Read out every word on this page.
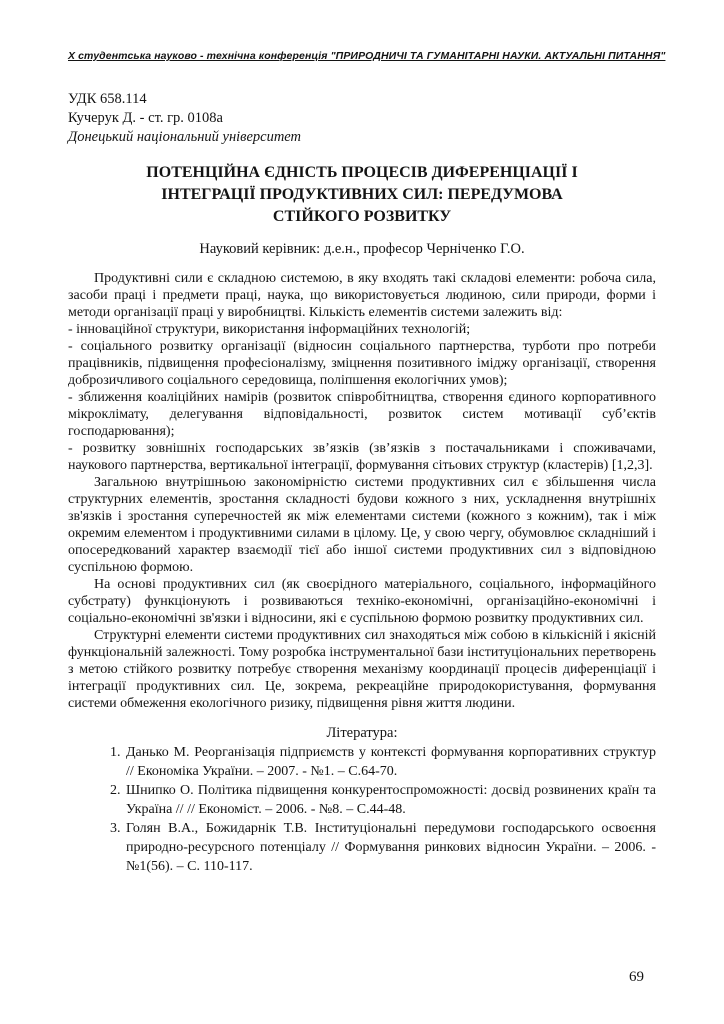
Х студентська науково - технічна конференція "ПРИРОДНИЧІ ТА ГУМАНІТАРНІ НАУКИ. АКТУАЛЬНІ ПИТАННЯ"
УДК 658.114
Кучерук Д. - ст. гр. 0108а
Донецький національний університет
ПОТЕНЦІЙНА ЄДНІСТЬ ПРОЦЕСІВ ДИФЕРЕНЦІАЦІЇ І ІНТЕГРАЦІЇ ПРОДУКТИВНИХ СИЛ: ПЕРЕДУМОВА СТІЙКОГО РОЗВИТКУ
Науковий керівник: д.е.н., професор Черніченко Г.О.

Продуктивні сили є складною системою, в яку входять такі складові елементи: робоча сила, засоби праці і предмети праці, наука, що використовується людиною, сили природи, форми і методи організації праці у виробництві. Кількість елементів системи залежить від:

- інноваційної структури, використання інформаційних технологій;

- соціального розвитку організації (відносин соціального партнерства, турботи про потреби працівників, підвищення професіоналізму, зміцнення позитивного іміджу організації, створення доброзичливого соціального середовища, поліпшення екологічних умов);

- зближення коаліційних намірів (розвиток співробітництва, створення єдиного корпоративного мікроклімату, делегування відповідальності, розвиток систем мотивації суб’єктів господарювання);

- розвитку зовнішніх господарських зв’язків (зв’язків з постачальниками і споживачами, наукового партнерства, вертикальної інтеграції, формування сітьових структур (кластерів) [1,2,3].

Загальною внутрішньою закономірністю системи продуктивних сил є збільшення числа структурних елементів, зростання складності будови кожного з них, ускладнення внутрішніх зв'язків і зростання суперечностей як між елементами системи (кожного з кожним), так і між окремим елементом і продуктивними силами в цілому. Це, у свою чергу, обумовлює складніший і опосередкований характер взаємодії тієї або іншої системи продуктивних сил з відповідною суспільною формою.

На основі продуктивних сил (як своєрідного матеріального, соціального, інформаційного субстрату) функціонують і розвиваються техніко-економічні, організаційно-економічні і соціально-економічні зв'язки і відносини, які є суспільною формою розвитку продуктивних сил.

Структурні елементи системи продуктивних сил знаходяться між собою в кількісній і якісній функціональній залежності. Тому розробка інструментальної бази інституціональних перетворень з метою стійкого розвитку потребує створення механізму координації процесів диференціації і інтеграції продуктивних сил. Це, зокрема, рекреаційне природокористування, формування системи обмеження екологічного ризику, підвищення рівня життя людини.

Література:
1. Данько М. Реорганізація підприємств у контексті формування корпоративних структур // Економіка України. – 2007. - №1. – С.64-70.
2. Шнипко О. Політика підвищення конкурентоспроможності: досвід розвинених країн та Україна // // Економіст. – 2006. - №8. – С.44-48.
3. Голян В.А., Божидарнік Т.В. Інституціональні передумови господарського освоєння природно-ресурсного потенціалу // Формування ринкових відносин України. – 2006. - №1(56). – С. 110-117.
69
